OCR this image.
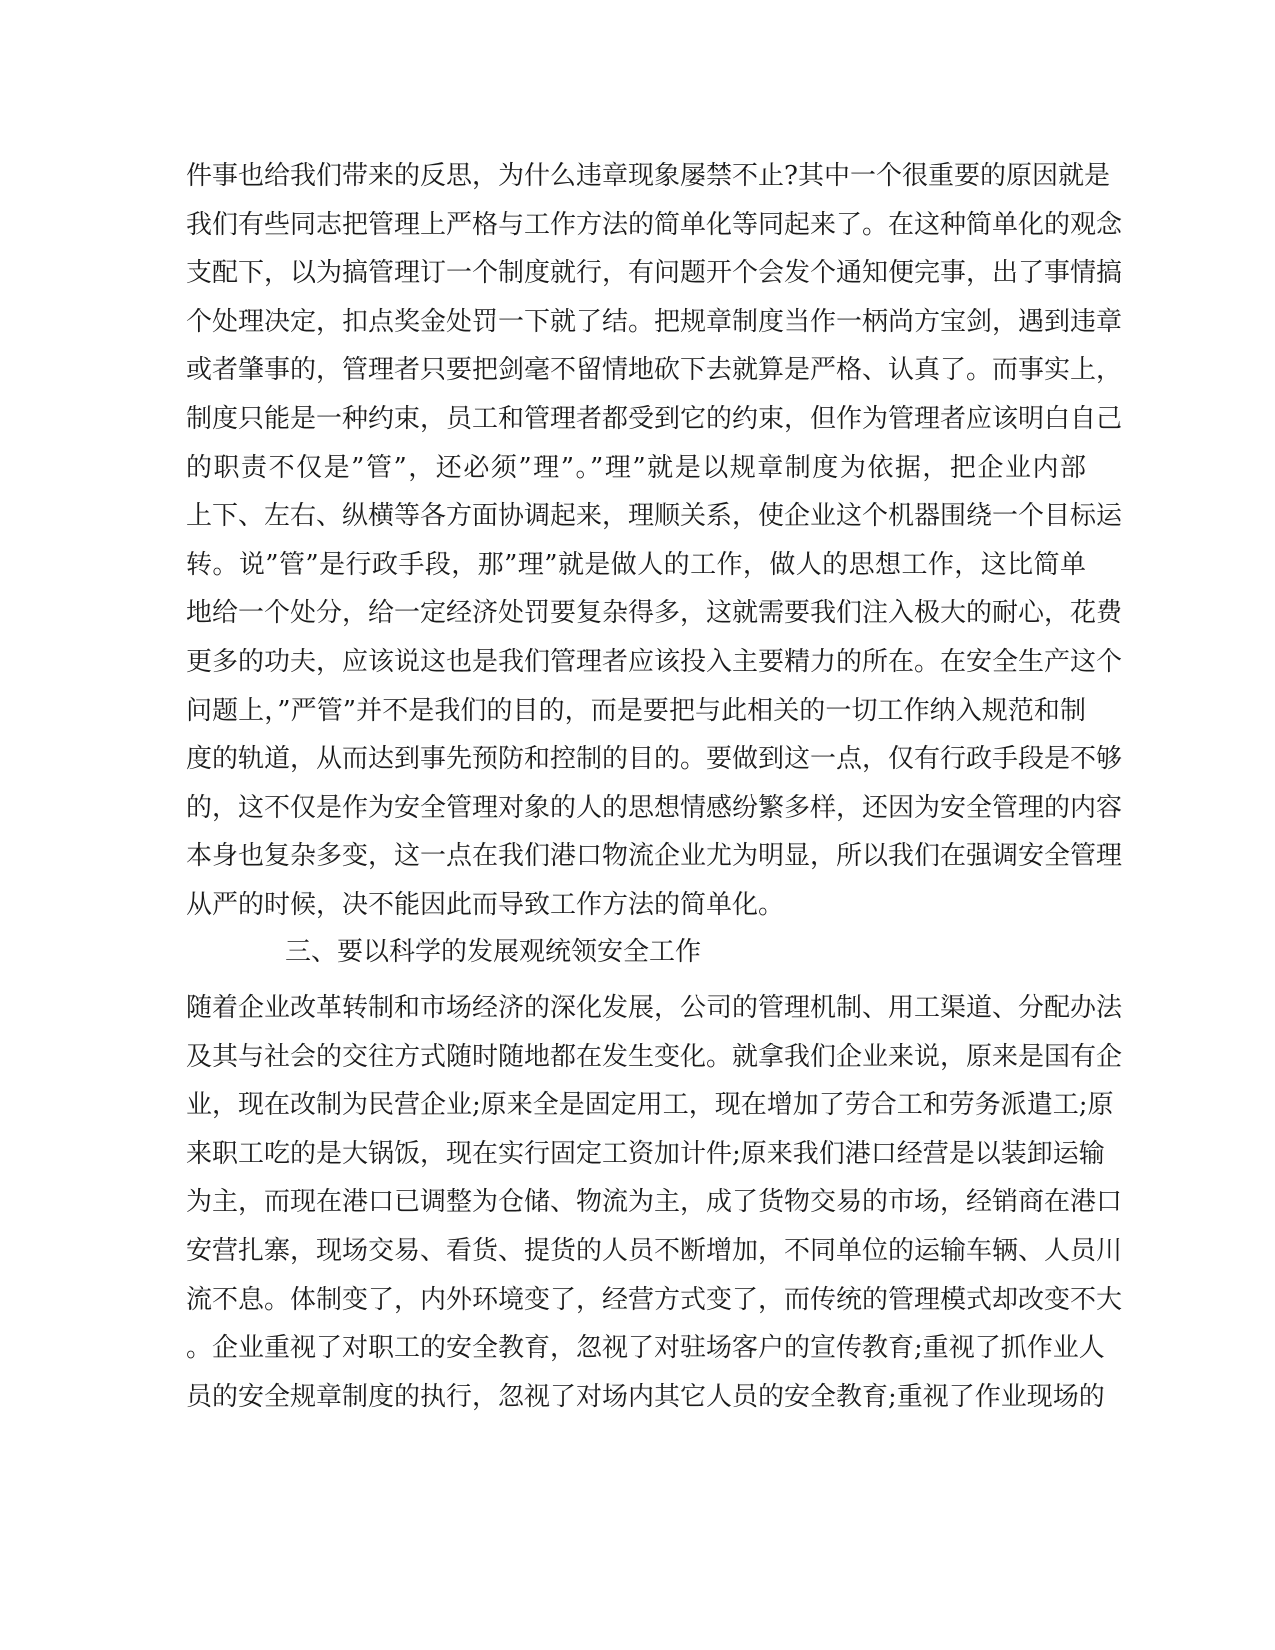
件事也给我们带来的反思，为什么违章现象屡禁不止?其中一个很重要的原因就是
我们有些同志把管理上严格与工作方法的简单化等同起来了。在这种简单化的观念
支配下，以为搞管理订一个制度就行，有问题开个会发个通知便完事，出了事情搞
个处理决定，扣点奖金处罚一下就了结。把规章制度当作一柄尚方宝剑，遇到违章
或者肇事的，管理者只要把剑毫不留情地砍下去就算是严格、认真了。而事实上，
制度只能是一种约束，员工和管理者都受到它的约束，但作为管理者应该明白自己
的职责不仅是”管”，还必须”理”。”理”就是以规章制度为依据，把企业内部
上下、左右、纵横等各方面协调起来，理顺关系，使企业这个机器围绕一个目标运
转。说”管”是行政手段，那”理”就是做人的工作，做人的思想工作，这比简单
地给一个处分，给一定经济处罚要复杂得多，这就需要我们注入极大的耐心，花费
更多的功夫，应该说这也是我们管理者应该投入主要精力的所在。在安全生产这个
问题上，”严管”并不是我们的目的，而是要把与此相关的一切工作纳入规范和制
度的轨道，从而达到事先预防和控制的目的。要做到这一点，仅有行政手段是不够
的，这不仅是作为安全管理对象的人的思想情感纷繁多样，还因为安全管理的内容
本身也复杂多变，这一点在我们港口物流企业尤为明显，所以我们在强调安全管理
从严的时候，决不能因此而导致工作方法的简单化。
三、要以科学的发展观统领安全工作
随着企业改革转制和市场经济的深化发展，公司的管理机制、用工渠道、分配办法
及其与社会的交往方式随时随地都在发生变化。就拿我们企业来说，原来是国有企
业，现在改制为民营企业;原来全是固定用工，现在增加了劳合工和劳务派遣工;原
来职工吃的是大锅饭，现在实行固定工资加计件;原来我们港口经营是以装卸运输
为主，而现在港口已调整为仓储、物流为主，成了货物交易的市场，经销商在港口
安营扎寨，现场交易、看货、提货的人员不断增加，不同单位的运输车辆、人员川
流不息。体制变了，内外环境变了，经营方式变了，而传统的管理模式却改变不大
。企业重视了对职工的安全教育，忽视了对驻场客户的宣传教育;重视了抓作业人
员的安全规章制度的执行，忽视了对场内其它人员的安全教育;重视了作业现场的
